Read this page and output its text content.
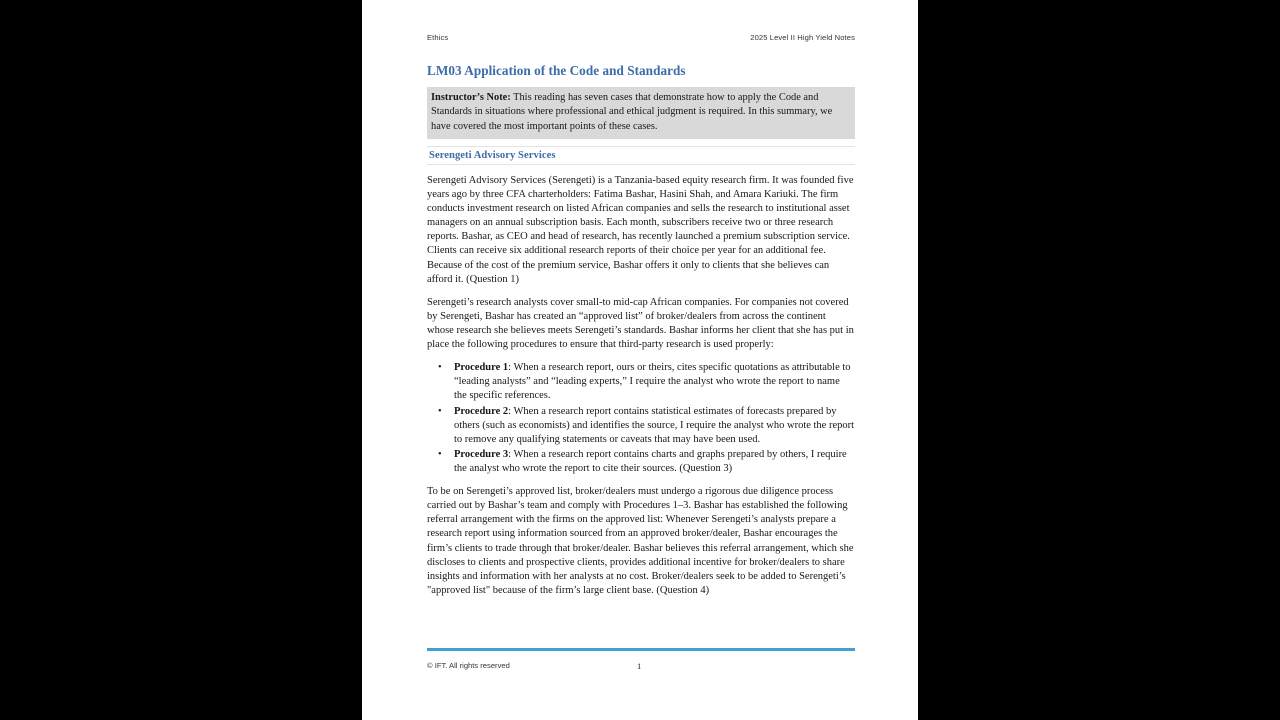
Ethics	2025 Level II High Yield Notes
LM03 Application of the Code and Standards
Instructor’s Note: This reading has seven cases that demonstrate how to apply the Code and Standards in situations where professional and ethical judgment is required. In this summary, we have covered the most important points of these cases.
Serengeti Advisory Services

Serengeti Advisory Services (Serengeti) is a Tanzania-based equity research firm. It was founded five years ago by three CFA charterholders: Fatima Bashar, Hasini Shah, and Amara Kariuki. The firm conducts investment research on listed African companies and sells the research to institutional asset managers on an annual subscription basis. Each month, subscribers receive two or three research reports. Bashar, as CEO and head of research, has recently launched a premium subscription service. Clients can receive six additional research reports of their choice per year for an additional fee. Because of the cost of the premium service, Bashar offers it only to clients that she believes can afford it. (Question 1)

Serengeti’s research analysts cover small-to mid-cap African companies. For companies not covered by Serengeti, Bashar has created an “approved list” of broker/dealers from across the continent whose research she believes meets Serengeti’s standards. Bashar informs her client that she has put in place the following procedures to ensure that third-party research is used properly:

• Procedure 1: When a research report, ours or theirs, cites specific quotations as attributable to “leading analysts” and “leading experts,” I require the analyst who wrote the report to name the specific references.
• Procedure 2: When a research report contains statistical estimates of forecasts prepared by others (such as economists) and identifies the source, I require the analyst who wrote the report to remove any qualifying statements or caveats that may have been used.
• Procedure 3: When a research report contains charts and graphs prepared by others, I require the analyst who wrote the report to cite their sources. (Question 3)

To be on Serengeti’s approved list, broker/dealers must undergo a rigorous due diligence process carried out by Bashar’s team and comply with Procedures 1–3. Bashar has established the following referral arrangement with the firms on the approved list: Whenever Serengeti’s analysts prepare a research report using information sourced from an approved broker/dealer, Bashar encourages the firm’s clients to trade through that broker/dealer. Bashar believes this referral arrangement, which she discloses to clients and prospective clients, provides additional incentive for broker/dealers to share insights and information with her analysts at no cost. Broker/dealers seek to be added to Serengeti’s "approved list" because of the firm’s large client base. (Question 4)

© IFT. All rights reserved	1
